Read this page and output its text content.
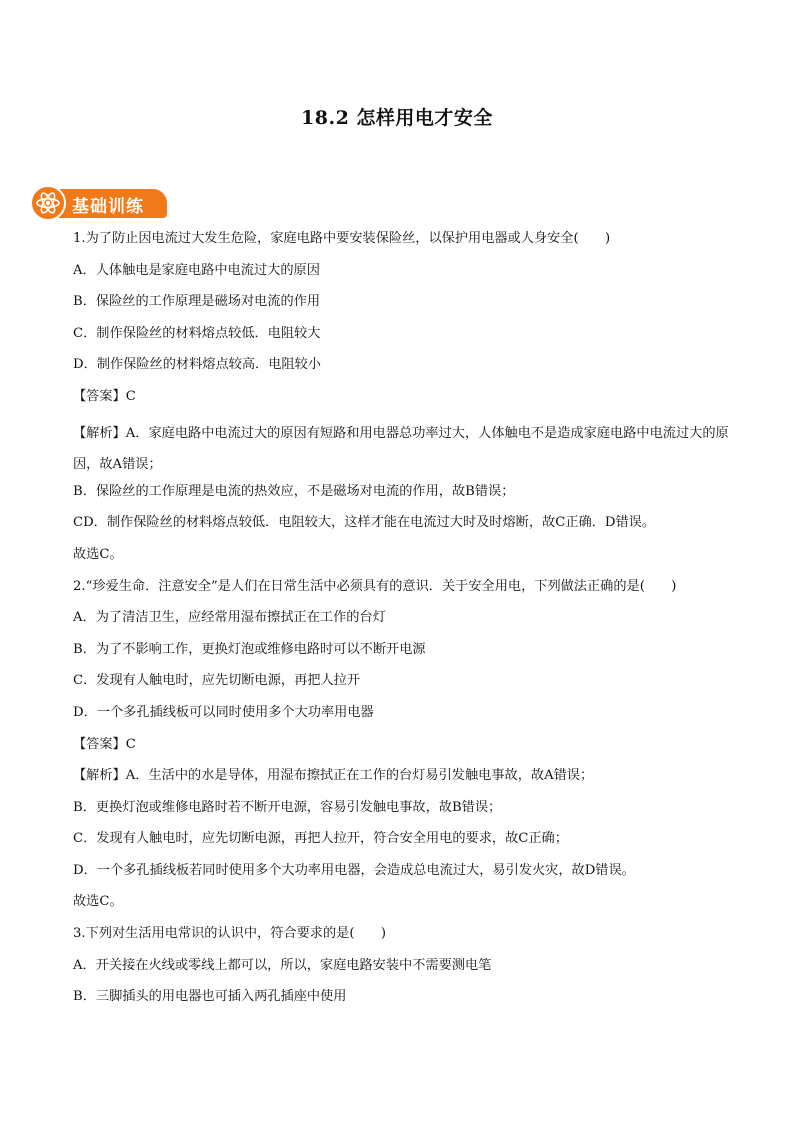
18.2 怎样用电才安全
基础训练
1.为了防止因电流过大发生危险，家庭电路中要安装保险丝，以保护用电器或人身安全(　　)
A．人体触电是家庭电路中电流过大的原因
B．保险丝的工作原理是磁场对电流的作用
C．制作保险丝的材料熔点较低．电阻较大
D．制作保险丝的材料熔点较高．电阻较小
【答案】C
【解析】A．家庭电路中电流过大的原因有短路和用电器总功率过大，人体触电不是造成家庭电路中电流过大的原因，故A错误；
B．保险丝的工作原理是电流的热效应，不是磁场对电流的作用，故B错误；
CD．制作保险丝的材料熔点较低．电阻较大，这样才能在电流过大时及时熔断，故C正确．D错误。
故选C。
2.“珍爱生命．注意安全”是人们在日常生活中必须具有的意识．关于安全用电，下列做法正确的是(　　)
A．为了清洁卫生，应经常用湿布擦拭正在工作的台灯
B．为了不影响工作，更换灯泡或维修电路时可以不断开电源
C．发现有人触电时，应先切断电源，再把人拉开
D．一个多孔插线板可以同时使用多个大功率用电器
【答案】C
【解析】A．生活中的水是导体，用湿布擦拭正在工作的台灯易引发触电事故，故A错误；
B．更换灯泡或维修电路时若不断开电源，容易引发触电事故，故B错误；
C．发现有人触电时，应先切断电源，再把人拉开，符合安全用电的要求，故C正确；
D．一个多孔插线板若同时使用多个大功率用电器，会造成总电流过大，易引发火灾，故D错误。
故选C。
3.下列对生活用电常识的认识中，符合要求的是(　　)
A．开关接在火线或零线上都可以，所以，家庭电路安装中不需要测电笔
B．三脚插头的用电器也可插入两孔插座中使用
